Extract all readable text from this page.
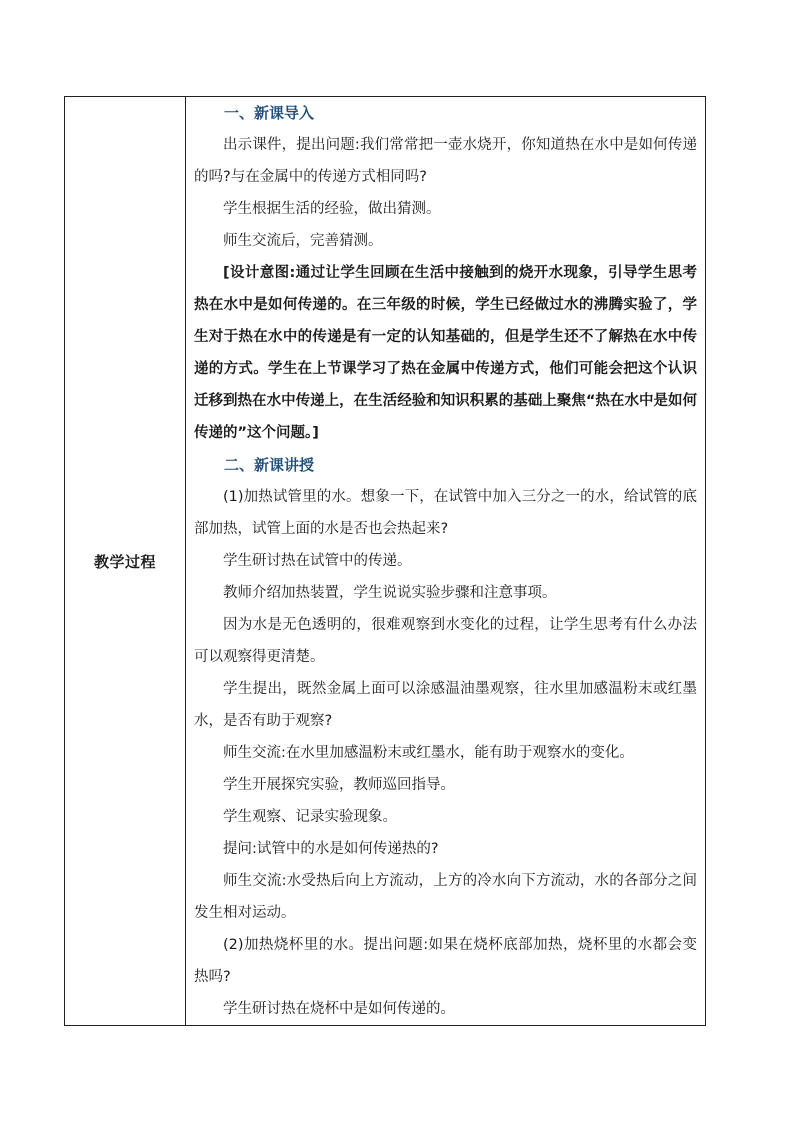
教学过程	

一、新课导入

出示课件，提出问题:我们常常把一壶水烧开，你知道热在水中是如何传递的吗?与在金属中的传递方式相同吗?

学生根据生活的经验，做出猜测。

师生交流后，完善猜测。

[设计意图:通过让学生回顾在生活中接触到的烧开水现象，引导学生思考热在水中是如何传递的。在三年级的时候，学生已经做过水的沸腾实验了，学生对于热在水中的传递是有一定的认知基础的，但是学生还不了解热在水中传递的方式。学生在上节课学习了热在金属中传递方式，他们可能会把这个认识迁移到热在水中传递上，在生活经验和知识积累的基础上聚焦“热在水中是如何传递的”这个问题。]

二、新课讲授

(1)加热试管里的水。想象一下，在试管中加入三分之一的水，给试管的底部加热，试管上面的水是否也会热起来?

学生研讨热在试管中的传递。

教师介绍加热装置，学生说说实验步骤和注意事项。

因为水是无色透明的，很难观察到水变化的过程，让学生思考有什么办法可以观察得更清楚。

学生提出，既然金属上面可以涂感温油墨观察，往水里加感温粉末或红墨水，是否有助于观察?

师生交流:在水里加感温粉末或红墨水，能有助于观察水的变化。

学生开展探究实验，教师巡回指导。

学生观察、记录实验现象。

提问:试管中的水是如何传递热的?

师生交流:水受热后向上方流动，上方的冷水向下方流动，水的各部分之间发生相对运动。

(2)加热烧杯里的水。提出问题:如果在烧杯底部加热，烧杯里的水都会变热吗?

学生研讨热在烧杯中是如何传递的。
